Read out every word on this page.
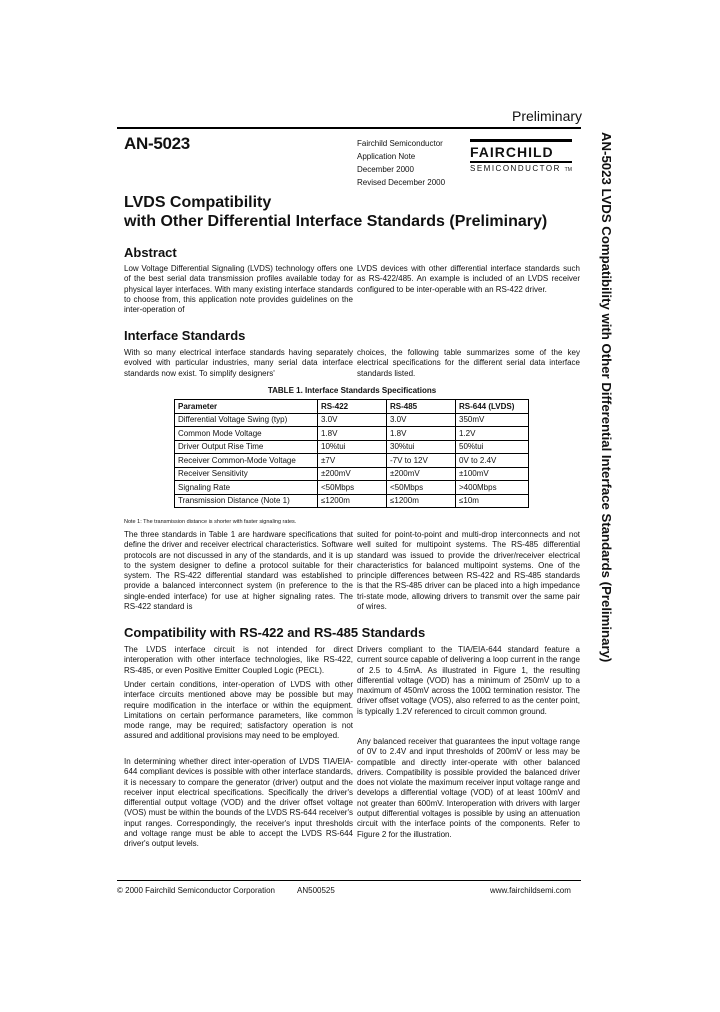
Preliminary
AN-5023	Fairchild Semiconductor
Application Note
December 2000
Revised December 2000
FAIRCHILD
SEMICONDUCTOR TM
LVDS Compatibility
with Other Differential Interface Standards (Preliminary)
Abstract
Low Voltage Differential Signaling (LVDS) technology offers one of the best serial data transmission profiles available today for physical layer interfaces. With many existing interface standards to choose from, this application note provides guidelines on the inter-operation of
LVDS devices with other differential interface standards such as RS-422/485. An example is included of an LVDS receiver configured to be inter-operable with an RS-422 driver.
Interface Standards
With so many electrical interface standards having separately evolved with particular industries, many serial data interface standards now exist. To simplify designers'
choices, the following table summarizes some of the key electrical specifications for the different serial data interface standards listed.
TABLE 1. Interface Standards Specifications
Parameter	RS-422	RS-485	RS-644 (LVDS)
Differential Voltage Swing (typ)	3.0V	3.0V	350mV
Common Mode Voltage	1.8V	1.8V	1.2V
Driver Output Rise Time	10%tui	30%tui	50%tui
Receiver Common-Mode Voltage	±7V	-7V to 12V	0V to 2.4V
Receiver Sensitivity	±200mV	±200mV	±100mV
Signaling Rate	<50Mbps	<50Mbps	>400Mbps
Transmission Distance (Note 1)	≤1200m	≤1200m	≤10m
Note 1: The transmission distance is shorter with faster signaling rates.
The three standards in Table 1 are hardware specifications that define the driver and receiver electrical characteristics. Software protocols are not discussed in any of the standards, and it is up to the system designer to define a protocol suitable for their system. The RS-422 differential standard was established to provide a balanced interconnect system (in preference to the single-ended interface) for use at higher signaling rates. The RS-422 standard is
suited for point-to-point and multi-drop interconnects and not well suited for multipoint systems. The RS-485 differential standard was issued to provide the driver/receiver electrical characteristics for balanced multipoint systems. One of the principle differences between RS-422 and RS-485 standards is that the RS-485 driver can be placed into a high impedance tri-state mode, allowing drivers to transmit over the same pair of wires.
Compatibility with RS-422 and RS-485 Standards
The LVDS interface circuit is not intended for direct interoperation with other interface technologies, like RS-422, RS-485, or even Positive Emitter Coupled Logic (PECL).
Under certain conditions, inter-operation of LVDS with other interface circuits mentioned above may be possible but may require modification in the interface or within the equipment. Limitations on certain performance parameters, like common mode range, may be required; satisfactory operation is not assured and additional provisions may need to be employed.
In determining whether direct inter-operation of LVDS TIA/EIA-644 compliant devices is possible with other interface standards, it is necessary to compare the generator (driver) output and the receiver input electrical specifications. Specifically the driver's differential output voltage (VOD) and the driver offset voltage (VOS) must be within the bounds of the LVDS RS-644 receiver's input ranges. Correspondingly, the receiver's input thresholds and voltage range must be able to accept the LVDS RS-644 driver's output levels.
Drivers compliant to the TIA/EIA-644 standard feature a current source capable of delivering a loop current in the range of 2.5 to 4.5mA. As illustrated in Figure 1, the resulting differential voltage (VOD) has a minimum of 250mV up to a maximum of 450mV across the 100Ω termination resistor. The driver offset voltage (VOS), also referred to as the center point, is typically 1.2V referenced to circuit common ground.
Any balanced receiver that guarantees the input voltage range of 0V to 2.4V and input thresholds of 200mV or less may be compatible and directly inter-operate with other balanced drivers. Compatibility is possible provided the balanced driver does not violate the maximum receiver input voltage range and develops a differential voltage (VOD) of at least 100mV and not greater than 600mV. Interoperation with drivers with larger output differential voltages is possible by using an attenuation circuit with the interface points of the components. Refer to Figure 2 for the illustration.
© 2000 Fairchild Semiconductor Corporation	AN500525	www.fairchildsemi.com
AN-5023 LVDS Compatibility with Other Differential Interface Standards (Preliminary)
